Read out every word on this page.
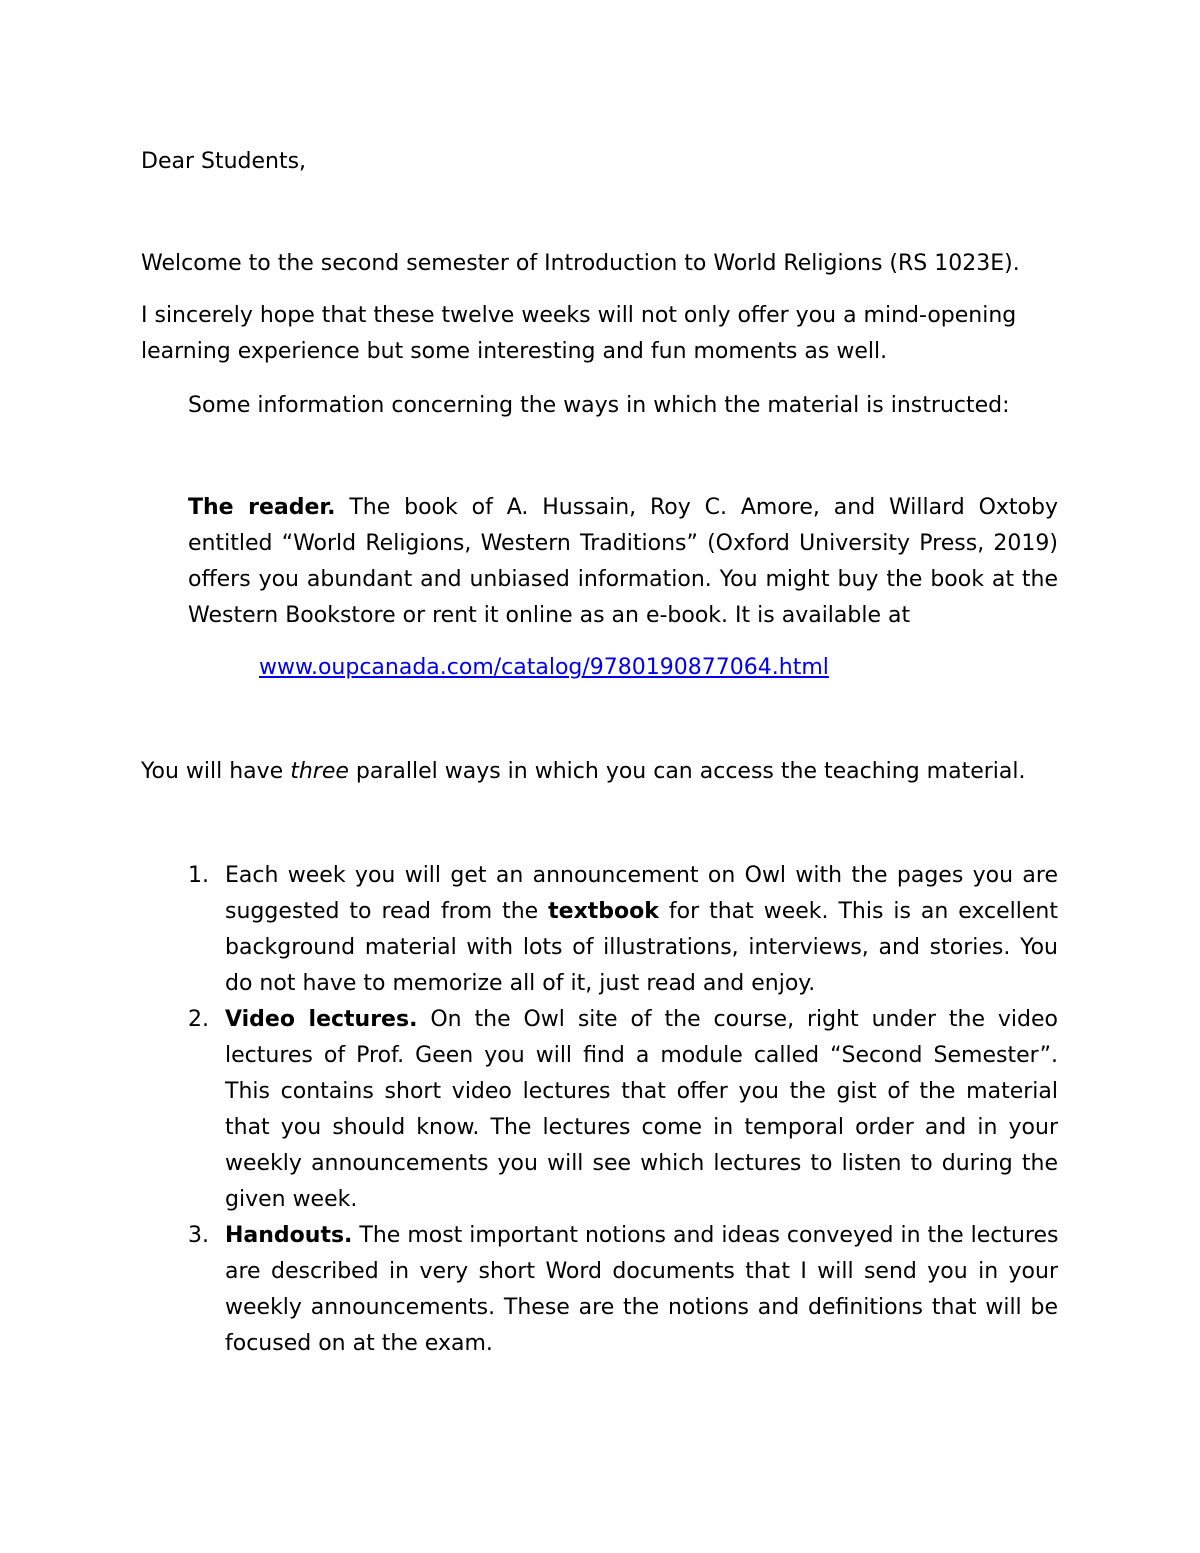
Dear Students,

Welcome to the second semester of Introduction to World Religions (RS 1023E).

I sincerely hope that these twelve weeks will not only offer you a mind-opening
learning experience but some interesting and fun moments as well.

Some information concerning the ways in which the material is instructed:

The reader. The book of A. Hussain, Roy C. Amore, and Willard Oxtoby
entitled “World Religions, Western Traditions” (Oxford University Press, 2019)
offers you abundant and unbiased information. You might buy the book at the
Western Bookstore or rent it online as an e-book. It is available at

www.oupcanada.com/catalog/9780190877064.html

You will have three parallel ways in which you can access the teaching material.

1. Each week you will get an announcement on Owl with the pages you are
suggested to read from the textbook for that week. This is an excellent
background material with lots of illustrations, interviews, and stories. You
do not have to memorize all of it, just read and enjoy.
2. Video lectures. On the Owl site of the course, right under the video
lectures of Prof. Geen you will find a module called “Second Semester”.
This contains short video lectures that offer you the gist of the material
that you should know. The lectures come in temporal order and in your
weekly announcements you will see which lectures to listen to during the
given week.
3. Handouts. The most important notions and ideas conveyed in the lectures
are described in very short Word documents that I will send you in your
weekly announcements. These are the notions and definitions that will be
focused on at the exam.
